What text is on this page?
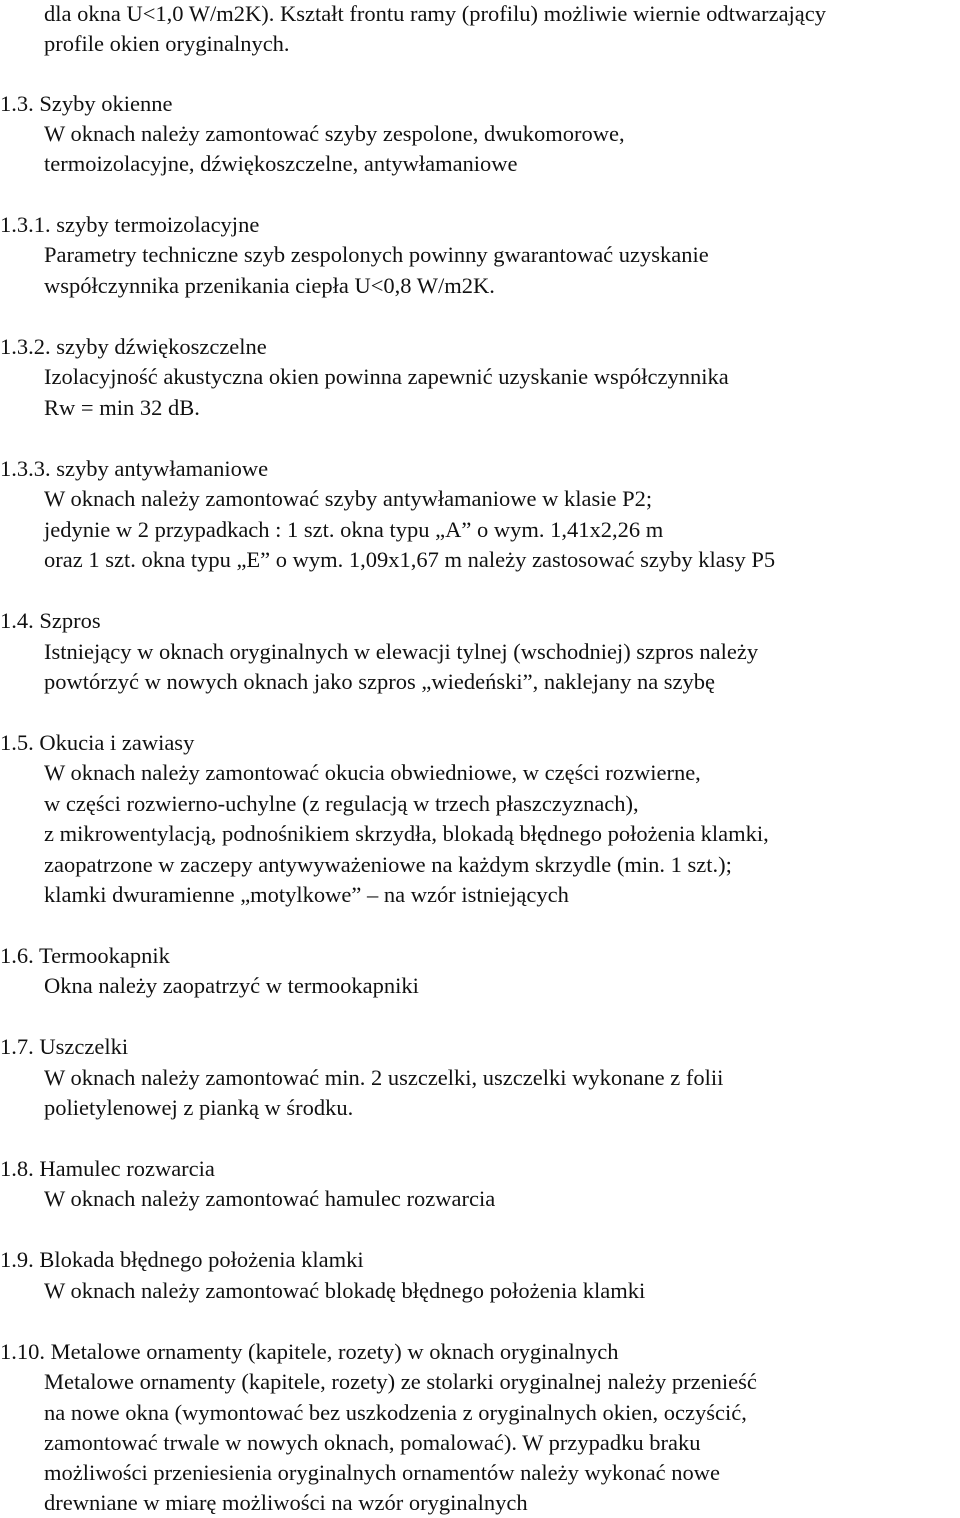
dla okna U<1,0 W/m2K). Kształt frontu ramy (profilu) możliwie wiernie odtwarzający
profile okien oryginalnych.
1.3. Szyby okienne
W oknach należy zamontować szyby zespolone, dwukomorowe,
termoizolacyjne, dźwiękoszczelne, antywłamaniowe
1.3.1. szyby termoizolacyjne
Parametry techniczne szyb zespolonych powinny gwarantować uzyskanie
współczynnika przenikania ciepła U<0,8 W/m2K.
1.3.2. szyby dźwiękoszczelne
Izolacyjność akustyczna okien powinna zapewnić uzyskanie współczynnika
Rw = min 32 dB.
1.3.3. szyby antywłamaniowe
W oknach należy zamontować szyby antywłamaniowe w klasie P2;
jedynie w 2 przypadkach : 1 szt. okna typu „A” o wym. 1,41x2,26 m
oraz 1 szt. okna typu „E” o wym. 1,09x1,67 m należy zastosować szyby klasy P5
1.4. Szpros
Istniejący w oknach oryginalnych w elewacji tylnej (wschodniej) szpros należy
powtórzyć w nowych oknach jako szpros „wiedeński”, naklejany na szybę
1.5. Okucia i zawiasy
W oknach należy zamontować okucia obwiedniowe, w części rozwierne,
w części rozwierno-uchylne (z regulacją w trzech płaszczyznach),
z mikrowentylacją, podnośnikiem skrzydła, blokadą błędnego położenia klamki,
zaopatrzone w zaczepy antywyważeniowe na każdym skrzydle (min. 1 szt.);
klamki dwuramienne „motylkowe” – na wzór istniejących
1.6. Termookapnik
Okna należy zaopatrzyć w termookapniki
1.7. Uszczelki
W oknach należy zamontować min. 2 uszczelki, uszczelki wykonane z folii
polietylenowej z pianką w środku.
1.8. Hamulec rozwarcia
W oknach należy zamontować hamulec rozwarcia
1.9. Blokada błędnego położenia klamki
W oknach należy zamontować blokadę błędnego położenia klamki
1.10. Metalowe ornamenty (kapitele, rozety) w oknach oryginalnych
Metalowe ornamenty (kapitele, rozety) ze stolarki oryginalnej należy przenieść
na nowe okna (wymontować bez uszkodzenia z oryginalnych okien, oczyścić,
zamontować trwale w nowych oknach, pomalować). W przypadku braku
możliwości przeniesienia oryginalnych ornamentów należy wykonać nowe
drewniane w miarę możliwości na wzór oryginalnych
